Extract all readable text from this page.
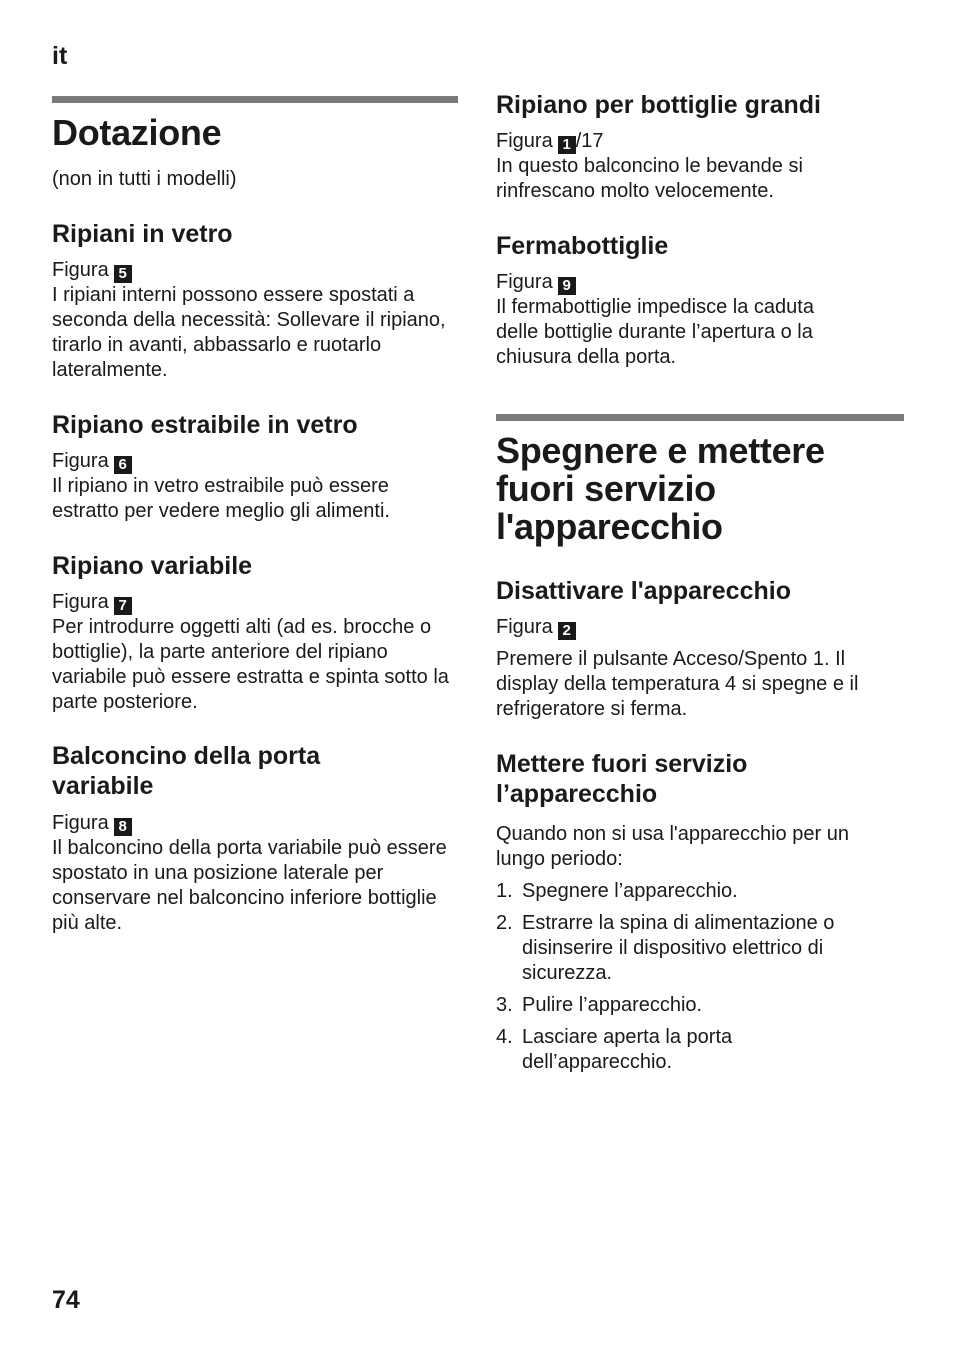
it
Dotazione

(non in tutti i modelli)

Ripiani in vetro
Figura 5

I ripiani interni possono essere spostati a seconda della necessità: Sollevare il ripiano, tirarlo in avanti, abbassarlo e ruotarlo lateralmente.

Ripiano estraibile in vetro
Figura 6

Il ripiano in vetro estraibile può essere estratto per vedere meglio gli alimenti.

Ripiano variabile
Figura 7

Per introdurre oggetti alti (ad es. brocche o bottiglie), la parte anteriore del ripiano variabile può essere estratta e spinta sotto la parte posteriore.

Balconcino della porta variabile
Figura 8

Il balconcino della porta variabile può essere spostato in una posizione laterale per conservare nel balconcino inferiore bottiglie più alte.

Ripiano per bottiglie grandi
Figura 1 /17

In questo balconcino le bevande si rinfrescano molto velocemente.

Fermabottiglie
Figura 9

Il fermabottiglie impedisce la caduta delle bottiglie durante l’apertura o la chiusura della porta.

Spegnere e mettere fuori servizio l'apparecchio
Disattivare l'apparecchio
Figura 2

Premere il pulsante Acceso/Spento 1. Il display della temperatura 4 si spegne e il refrigeratore si ferma.

Mettere fuori servizio l’apparecchio

Quando non si usa l'apparecchio per un lungo periodo:

1. Spegnere l’apparecchio.
2. Estrarre la spina di alimentazione o disinserire il dispositivo elettrico di sicurezza.
3. Pulire l’apparecchio.
4. Lasciare aperta la porta dell’apparecchio.
74
